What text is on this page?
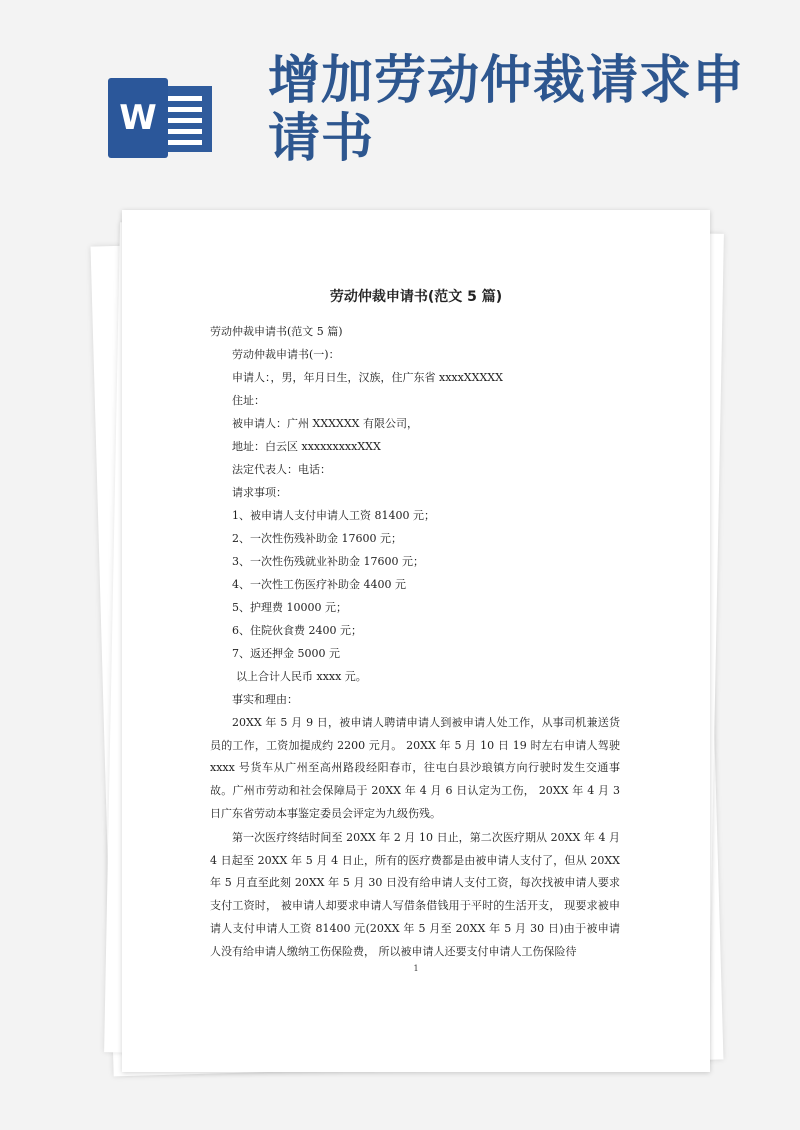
W
增加劳动仲裁请求申请书
劳动仲裁申请书(范文 5 篇)

劳动仲裁申请书(范文 5 篇)

劳动仲裁申请书(一)：

申请人：，男，年月日生，汉族，住广东省 xxxxXXXXX

住址：

被申请人：广州 XXXXXX 有限公司，

地址：白云区 xxxxxxxxxXXX

法定代表人：电话：

请求事项：

1、被申请人支付申请人工资 81400 元；

2、一次性伤残补助金 17600 元；

3、一次性伤残就业补助金 17600 元；

4、一次性工伤医疗补助金 4400 元

5、护理费 10000 元；

6、住院伙食费 2400 元；

7、返还押金 5000 元

以上合计人民币 xxxx 元。

事实和理由：

20XX 年 5 月 9 日，被申请人聘请申请人到被申请人处工作，从事司机兼送货员的工作，工资加提成约 2200 元月。 20XX 年 5 月 10 日 19 时左右申请人驾驶 xxxx 号货车从广州至高州路段经阳春市，往屯白县沙琅镇方向行驶时发生交通事故。广州市劳动和社会保障局于 20XX 年 4 月 6 日认定为工伤， 20XX 年 4 月 3 日广东省劳动本事鉴定委员会评定为九级伤残。

第一次医疗终结时间至 20XX 年 2 月 10 日止，第二次医疗期从 20XX 年 4 月 4 日起至 20XX 年 5 月 4 日止，所有的医疗费都是由被申请人支付了，但从 20XX 年 5 月直至此刻 20XX 年 5 月 30 日没有给申请人支付工资，每次找被申请人要求支付工资时， 被申请人却要求申请人写借条借钱用于平时的生活开支， 现要求被申请人支付申请人工资 81400 元(20XX 年 5 月至 20XX 年 5 月 30 日)由于被申请人没有给申请人缴纳工伤保险费， 所以被申请人还要支付申请人工伤保险待

1
